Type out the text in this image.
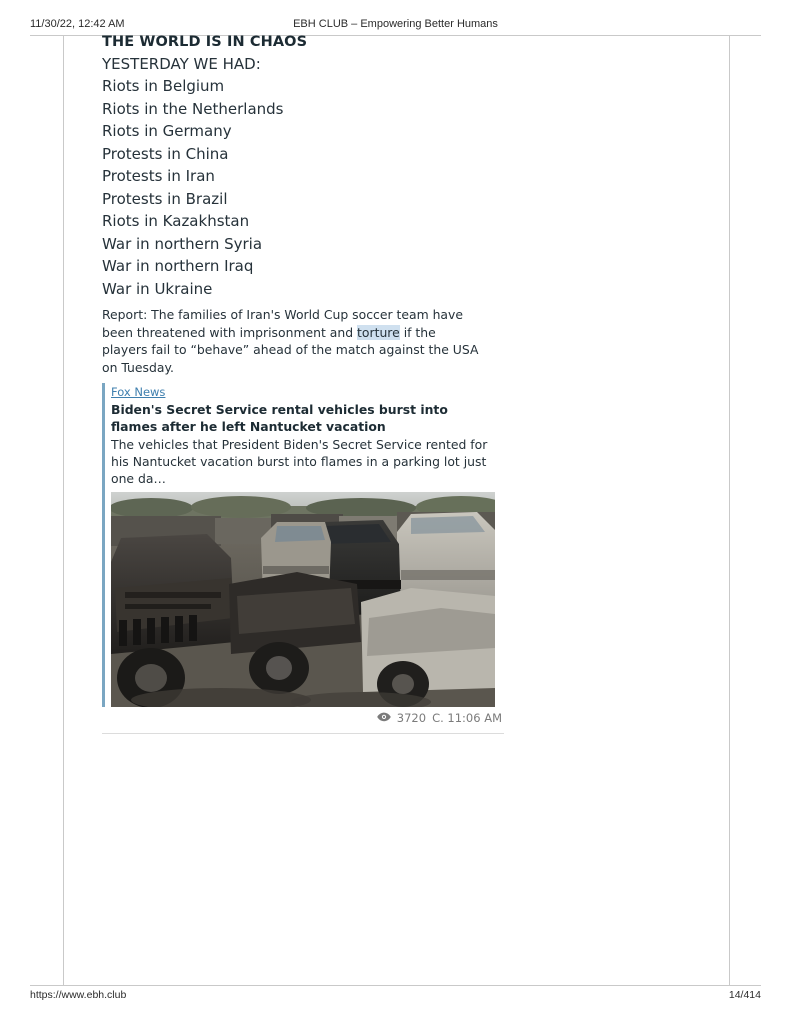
11/30/22, 12:42 AM	EBH CLUB – Empowering Better Humans
THE WORLD IS IN CHAOS
YESTERDAY WE HAD:
Riots in Belgium
Riots in the Netherlands
Riots in Germany
Protests in China
Protests in Iran
Protests in Brazil
Riots in Kazakhstan
War in northern Syria
War in northern Iraq
War in Ukraine

Report: The families of Iran's World Cup soccer team have been threatened with imprisonment and torture if the players fail to “behave” ahead of the match against the USA on Tuesday.

Fox News
Biden's Secret Service rental vehicles burst into flames after he left Nantucket vacation
The vehicles that President Biden's Secret Service rented for his Nantucket vacation burst into flames in a parking lot just one da…
3720 C. 11:06 AM
https://www.ebh.club	14/414
